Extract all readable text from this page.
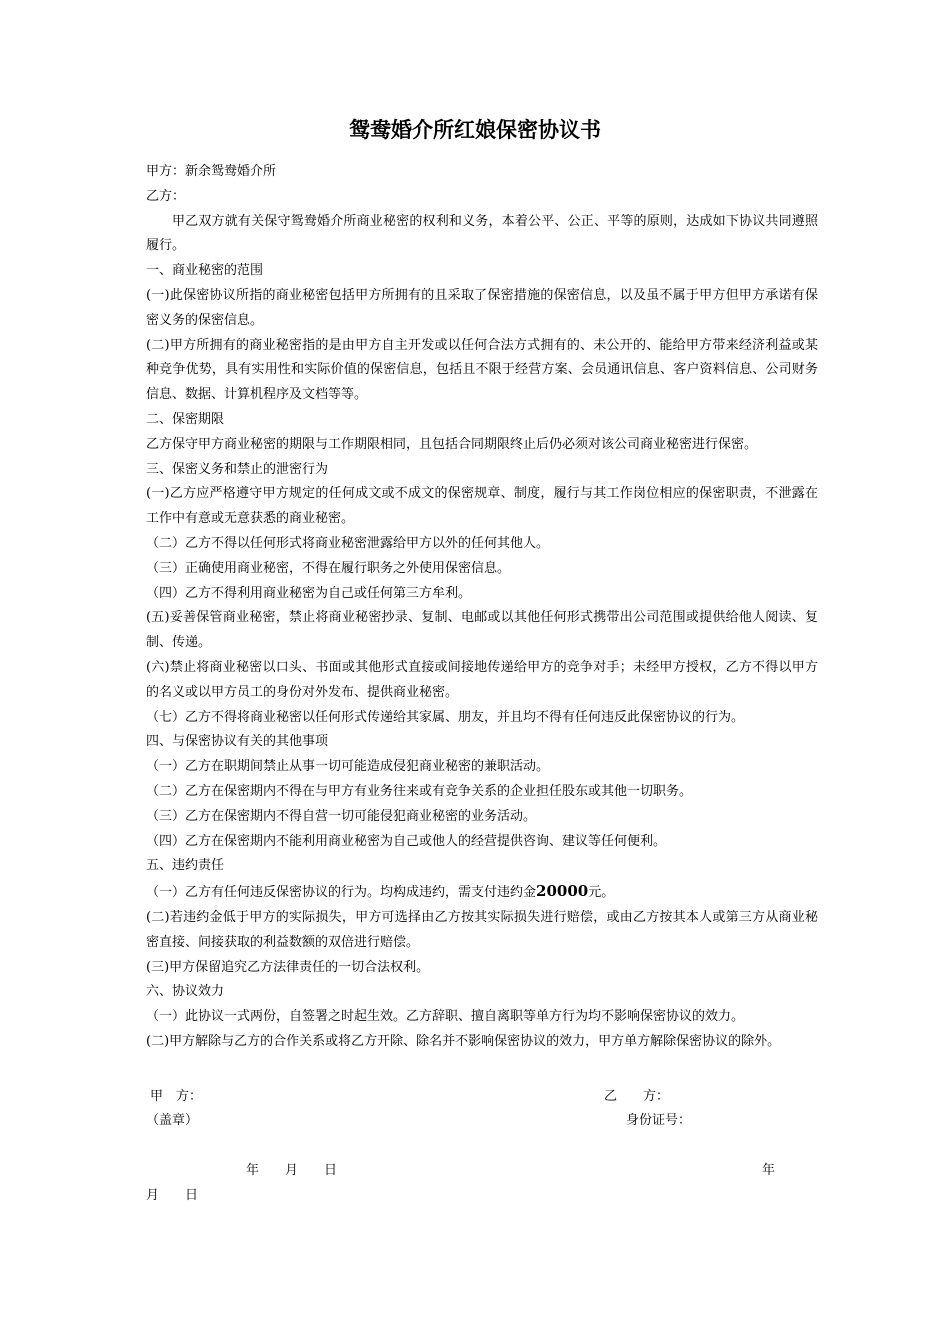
鸳鸯婚介所红娘保密协议书

甲方：新余鸳鸯婚介所

乙方：

甲乙双方就有关保守鸳鸯婚介所商业秘密的权利和义务，本着公平、公正、平等的原则，达成如下协议共同遵照履行。

一、商业秘密的范围

(一)此保密协议所指的商业秘密包括甲方所拥有的且采取了保密措施的保密信息，以及虽不属于甲方但甲方承诺有保密义务的保密信息。

(二)甲方所拥有的商业秘密指的是由甲方自主开发或以任何合法方式拥有的、未公开的、能给甲方带来经济利益或某种竞争优势，具有实用性和实际价值的保密信息，包括且不限于经营方案、会员通讯信息、客户资料信息、公司财务信息、数据、计算机程序及文档等等。

二、保密期限

乙方保守甲方商业秘密的期限与工作期限相同，且包括合同期限终止后仍必须对该公司商业秘密进行保密。

三、保密义务和禁止的泄密行为

(一)乙方应严格遵守甲方规定的任何成文或不成文的保密规章、制度，履行与其工作岗位相应的保密职责，不泄露在工作中有意或无意获悉的商业秘密。

（二）乙方不得以任何形式将商业秘密泄露给甲方以外的任何其他人。

（三）正确使用商业秘密，不得在履行职务之外使用保密信息。

（四）乙方不得利用商业秘密为自己或任何第三方牟利。

(五)妥善保管商业秘密，禁止将商业秘密抄录、复制、电邮或以其他任何形式携带出公司范围或提供给他人阅读、复制、传递。

(六)禁止将商业秘密以口头、书面或其他形式直接或间接地传递给甲方的竞争对手；未经甲方授权，乙方不得以甲方的名义或以甲方员工的身份对外发布、提供商业秘密。

（七）乙方不得将商业秘密以任何形式传递给其家属、朋友，并且均不得有任何违反此保密协议的行为。

四、与保密协议有关的其他事项

（一）乙方在职期间禁止从事一切可能造成侵犯商业秘密的兼职活动。

（二）乙方在保密期内不得在与甲方有业务往来或有竞争关系的企业担任股东或其他一切职务。

（三）乙方在保密期内不得自营一切可能侵犯商业秘密的业务活动。

（四）乙方在保密期内不能利用商业秘密为自己或他人的经营提供咨询、建议等任何便利。

五、违约责任

（一）乙方有任何违反保密协议的行为。均构成违约，需支付违约金20000元。

(二)若违约金低于甲方的实际损失，甲方可选择由乙方按其实际损失进行赔偿，或由乙方按其本人或第三方从商业秘密直接、间接获取的利益数额的双倍进行赔偿。

(三)甲方保留追究乙方法律责任的一切合法权利。

六、协议效力

（一）此协议一式两份，自签署之时起生效。乙方辞职、擅自离职等单方行为均不影响保密协议的效力。

(二)甲方解除与乙方的合作关系或将乙方开除、除名并不影响保密协议的效力，甲方单方解除保密协议的除外。

甲　方：	乙　　方：
（盖章）	身份证号：
年　　月　　日	年
月　　日
